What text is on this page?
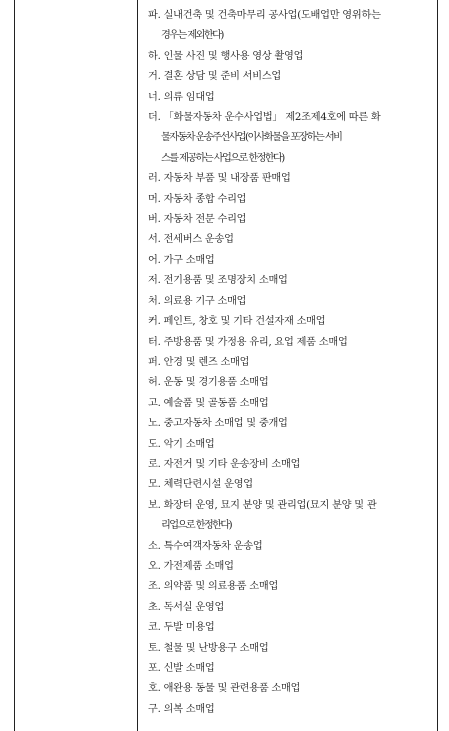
파. 실내건축 및 건축마무리 공사업(도배업만 영위하는
경우는 제외한다)
하. 인물 사진 및 행사용 영상 촬영업
거. 결혼 상담 및 준비 서비스업
너. 의류 임대업
더. 「화물자동차 운수사업법」 제2조제4호에 따른 화
물자동차 운송주선사업(이사화물을 포장하는 서비
스를 제공하는 사업으로 한정한다)
러. 자동차 부품 및 내장품 판매업
머. 자동차 종합 수리업
버. 자동차 전문 수리업
서. 전세버스 운송업
어. 가구 소매업
저. 전기용품 및 조명장치 소매업
처. 의료용 기구 소매업
커. 페인트, 창호 및 기타 건설자재 소매업
터. 주방용품 및 가정용 유리, 요업 제품 소매업
퍼. 안경 및 렌즈 소매업
허. 운동 및 경기용품 소매업
고. 예술품 및 골동품 소매업
노. 중고자동차 소매업 및 중개업
도. 악기 소매업
로. 자전거 및 기타 운송장비 소매업
모. 체력단련시설 운영업
보. 화장터 운영, 묘지 분양 및 관리업(묘지 분양 및 관
리업으로 한정한다)
소. 특수여객자동차 운송업
오. 가전제품 소매업
조. 의약품 및 의료용품 소매업
초. 독서실 운영업
코. 두발 미용업
토. 철물 및 난방용구 소매업
포. 신발 소매업
호. 애완용 동물 및 관련용품 소매업
구. 의복 소매업
